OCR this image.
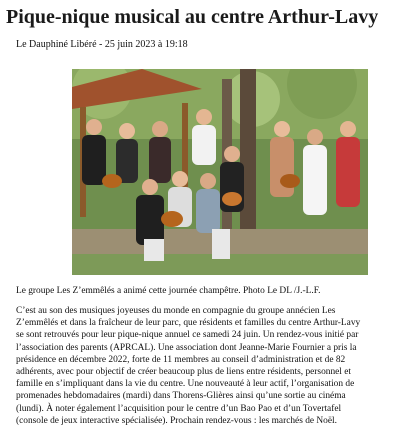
Pique-nique musical au centre Arthur-Lavy
Le Dauphiné Libéré - 25 juin 2023 à 19:18
Le groupe Les Z’emmêlés a animé cette journée champêtre. Photo Le DL /J.-L.F.

C’est au son des musiques joyeuses du monde en compagnie du groupe annécien Les
Z’emmêlés et dans la fraîcheur de leur parc, que résidents et familles du centre Arthur-Lavy
se sont retrouvés pour leur pique-nique annuel ce samedi 24 juin. Un rendez-vous initié par
l’association des parents (APRCAL). Une association dont Jeanne-Marie Fournier a pris la
présidence en décembre 2022, forte de 11 membres au conseil d’administration et de 82
adhérents, avec pour objectif de créer beaucoup plus de liens entre résidents, personnel et
famille en s’impliquant dans la vie du centre. Une nouveauté à leur actif, l’organisation de
promenades hebdomadaires (mardi) dans Thorens-Glières ainsi qu’une sortie au cinéma
(lundi). À noter également l’acquisition pour le centre d’un Bao Pao et d’un Tovertafel
(console de jeux interactive spécialisée). Prochain rendez-vous : les marchés de Noël.
